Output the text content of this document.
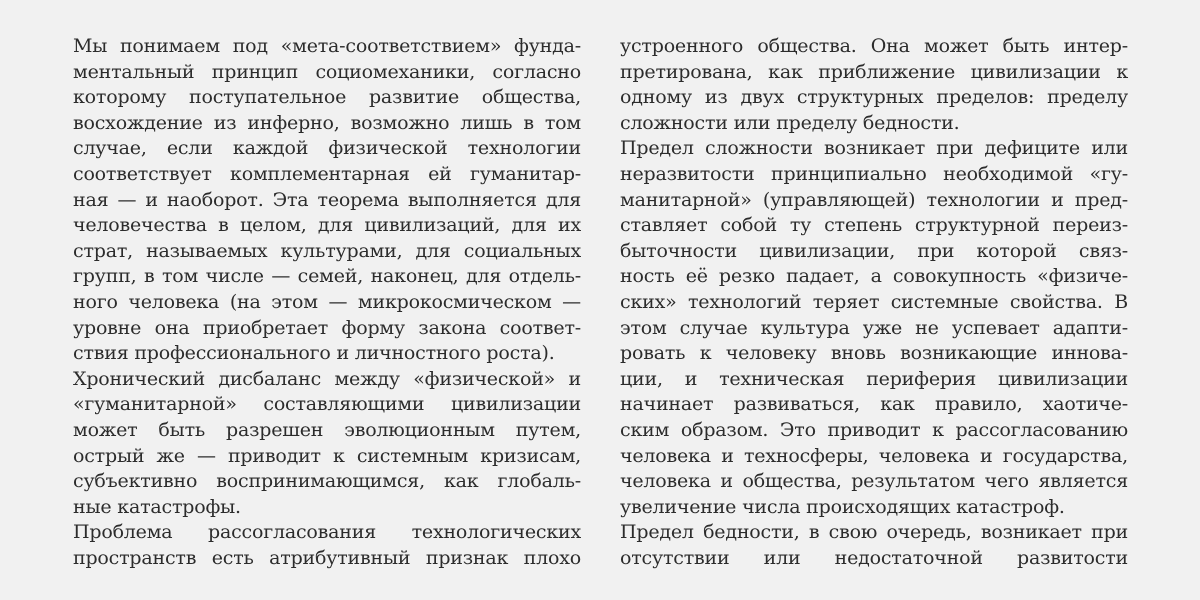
Мы понимаем под «мета-соответствием» фунда-
ментальный принцип социомеханики, согласно
которому поступательное развитие общества,
восхождение из инферно, возможно лишь в том
случае, если каждой физической технологии
соответствует комплементарная ей гуманитар-
ная — и наоборот. Эта теорема выполняется для
человечества в целом, для цивилизаций, для их
страт, называемых культурами, для социальных
групп, в том числе — семей, наконец, для отдель-
ного человека (на этом — микрокосмическом —
уровне она приобретает форму закона соответ-
ствия профессионального и личностного роста).
Хронический дисбаланс между «физической» и
«гуманитарной» составляющими цивилизации
может быть разрешен эволюционным путем,
острый же — приводит к системным кризисам,
субъективно воспринимающимся, как глобаль-
ные катастрофы.
Проблема рассогласования технологических
пространств есть атрибутивный признак плохо
устроенного общества. Она может быть интер-
претирована, как приближение цивилизации к
одному из двух структурных пределов: пределу
сложности или пределу бедности.
Предел сложности возникает при дефиците или
неразвитости принципиально необходимой «гу-
манитарной» (управляющей) технологии и пред-
ставляет собой ту степень структурной переиз-
быточности цивилизации, при которой связ-
ность её резко падает, а совокупность «физиче-
ских» технологий теряет системные свойства. В
этом случае культура уже не успевает адапти-
ровать к человеку вновь возникающие иннова-
ции, и техническая периферия цивилизации
начинает развиваться, как правило, хаотиче-
ским образом. Это приводит к рассогласованию
человека и техносферы, человека и государства,
человека и общества, результатом чего является
увеличение числа происходящих катастроф.
Предел бедности, в свою очередь, возникает при
отсутствии или недостаточной развитости
